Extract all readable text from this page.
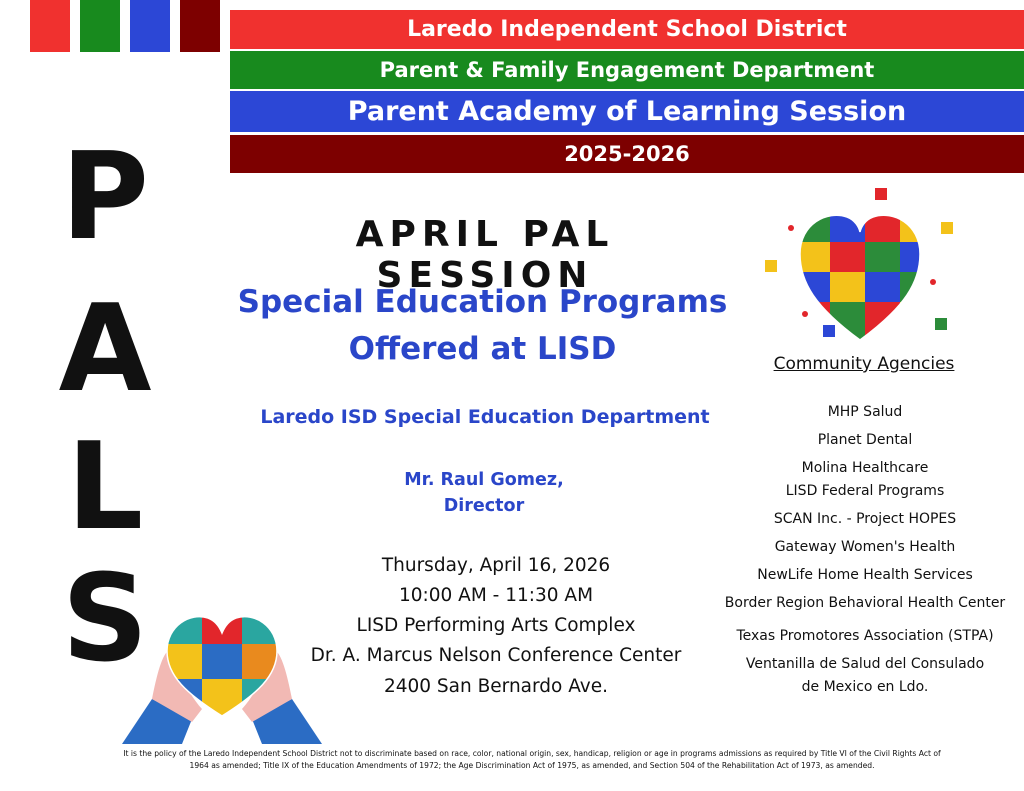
Laredo Independent School District
Parent & Family Engagement Department
Parent Academy of Learning Session
2025-2026
P
A
L
S
APRIL PAL SESSION
Special Education Programs
Offered at LISD
Laredo ISD Special Education Department
Mr. Raul Gomez,
Director
Thursday, April 16, 2026
10:00 AM - 11:30 AM
LISD Performing Arts Complex
Dr. A. Marcus Nelson Conference Center
2400 San Bernardo Ave.
Community Agencies
MHP Salud
Planet Dental
Molina Healthcare
LISD Federal Programs
SCAN Inc. - Project HOPES
Gateway Women's Health
NewLife Home Health Services
Border Region Behavioral Health Center
Texas Promotores Association (STPA)
Ventanilla de Salud del Consulado
de Mexico en Ldo.
It is the policy of the Laredo Independent School District not to discriminate based on race, color, national origin, sex, handicap, religion or age in programs admissions as required by Title VI of the Civil Rights Act of
1964 as amended; Title IX of the Education Amendments of 1972; the Age Discrimination Act of 1975, as amended, and Section 504 of the Rehabilitation Act of 1973, as amended.
